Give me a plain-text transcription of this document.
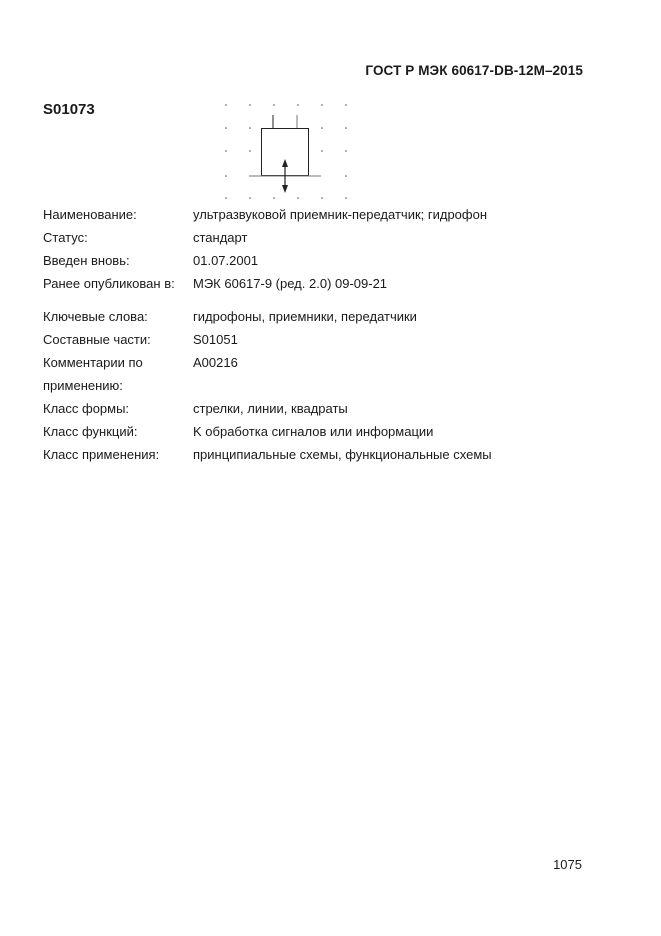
ГОСТ Р МЭК 60617-DB-12M–2015
S01073
Наименование:	ультразвуковой приемник-передатчик; гидрофон
Статус:	стандарт
Введен вновь:	01.07.2001
Ранее опубликован в:	МЭК 60617-9 (ред. 2.0) 09-09-21
Ключевые слова:	гидрофоны, приемники, передатчики
Составные части:	S01051
Комментарии по	A00216
применению:
Класс формы:	стрелки, линии, квадраты
Класс функций:	K обработка сигналов или информации
Класс применения:	принципиальные схемы, функциональные схемы
1075
